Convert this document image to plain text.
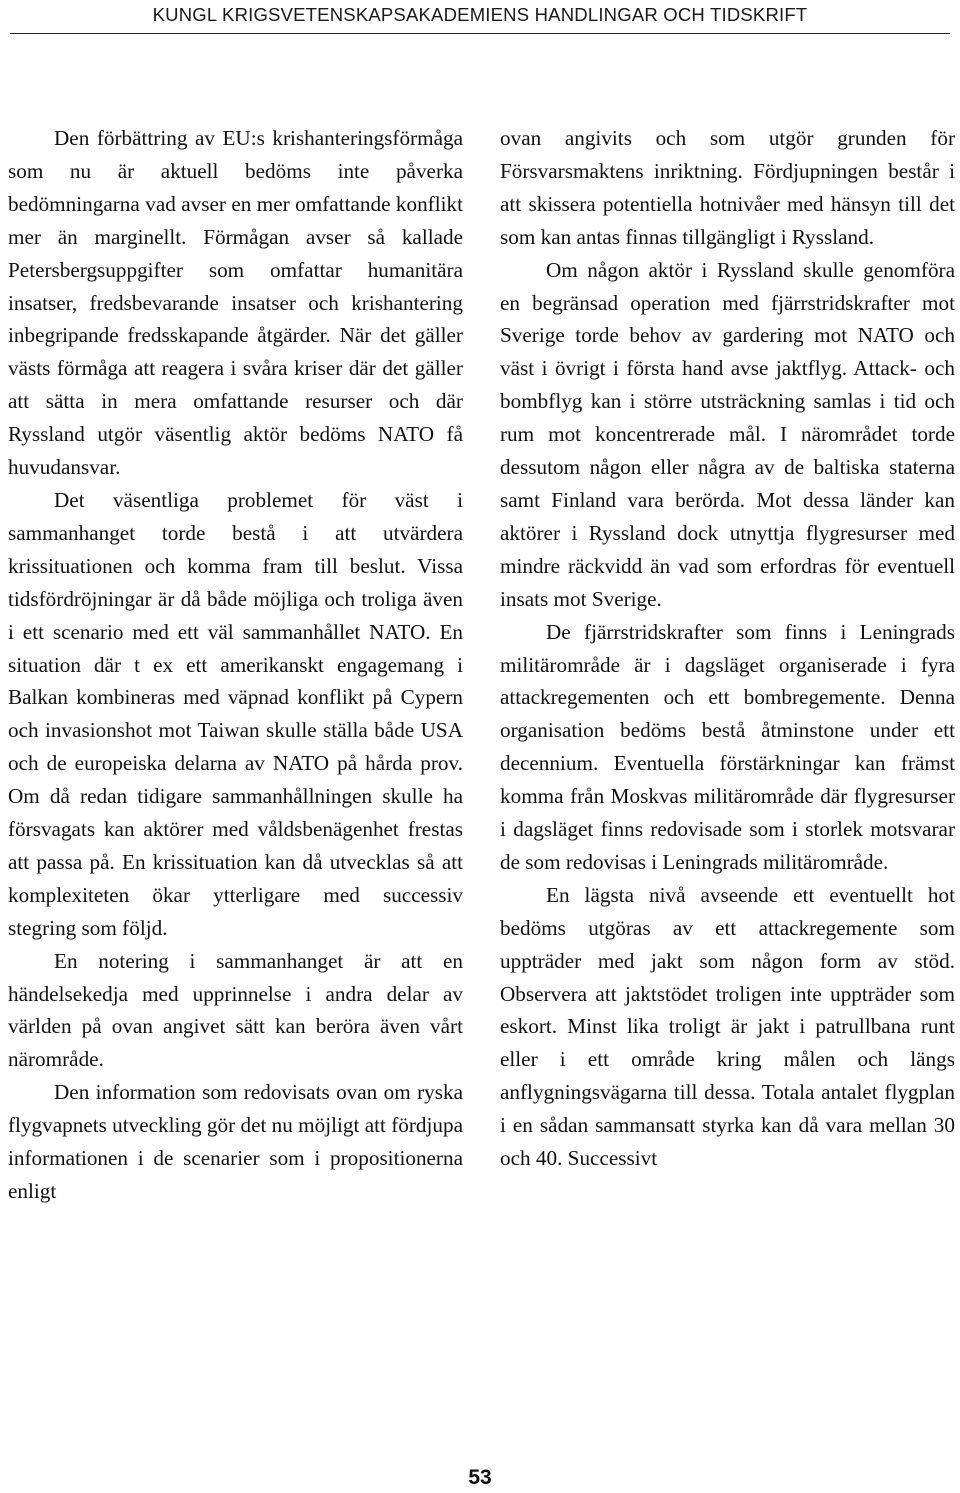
KUNGL KRIGSVETENSKAPSAKADEMIENS HANDLINGAR OCH TIDSKRIFT

Den förbättring av EU:s krishanteringsförmåga som nu är aktuell bedöms inte påverka bedömningarna vad avser en mer omfattande konflikt mer än marginellt. Förmågan avser så kallade Petersbergsuppgifter som omfattar humanitära insatser, fredsbevarande insatser och krishantering inbegripande fredsskapande åtgärder. När det gäller västs förmåga att reagera i svåra kriser där det gäller att sätta in mera omfattande resurser och där Ryssland utgör väsentlig aktör bedöms NATO få huvudansvar.

Det väsentliga problemet för väst i sammanhanget torde bestå i att utvärdera krissituationen och komma fram till beslut. Vissa tidsfördröjningar är då både möjliga och troliga även i ett scenario med ett väl sammanhållet NATO. En situation där t ex ett amerikanskt engagemang i Balkan kombineras med väpnad konflikt på Cypern och invasionshot mot Taiwan skulle ställa både USA och de europeiska delarna av NATO på hårda prov. Om då redan tidigare sammanhållningen skulle ha försvagats kan aktörer med våldsbenägenhet frestas att passa på. En krissituation kan då utvecklas så att komplexiteten ökar ytterligare med successiv stegring som följd.

En notering i sammanhanget är att en händelsekedja med upprinnelse i andra delar av världen på ovan angivet sätt kan beröra även vårt närområde.

Den information som redovisats ovan om ryska flygvapnets utveckling gör det nu möjligt att fördjupa informationen i de scenarier som i propositionerna enligt

ovan angivits och som utgör grunden för Försvarsmaktens inriktning. Fördjupningen består i att skissera potentiella hotnivåer med hänsyn till det som kan antas finnas tillgängligt i Ryssland.

Om någon aktör i Ryssland skulle genomföra en begränsad operation med fjärrstridskrafter mot Sverige torde behov av gardering mot NATO och väst i övrigt i första hand avse jaktflyg. Attack- och bombflyg kan i större utsträckning samlas i tid och rum mot koncentrerade mål. I närområdet torde dessutom någon eller några av de baltiska staterna samt Finland vara berörda. Mot dessa länder kan aktörer i Ryssland dock utnyttja flygresurser med mindre räckvidd än vad som erfordras för eventuell insats mot Sverige.

De fjärrstridskrafter som finns i Leningrads militärområde är i dagsläget organiserade i fyra attackregementen och ett bombregemente. Denna organisation bedöms bestå åtminstone under ett decennium. Eventuella förstärkningar kan främst komma från Moskvas militärområde där flygresurser i dagsläget finns redovisade som i storlek motsvarar de som redovisas i Leningrads militärområde.

En lägsta nivå avseende ett eventuellt hot bedöms utgöras av ett attackregemente som uppträder med jakt som någon form av stöd. Observera att jaktstödet troligen inte uppträder som eskort. Minst lika troligt är jakt i patrullbana runt eller i ett område kring målen och längs anflygningsvägarna till dessa. Totala antalet flygplan i en sådan sammansatt styrka kan då vara mellan 30 och 40. Successivt

53
